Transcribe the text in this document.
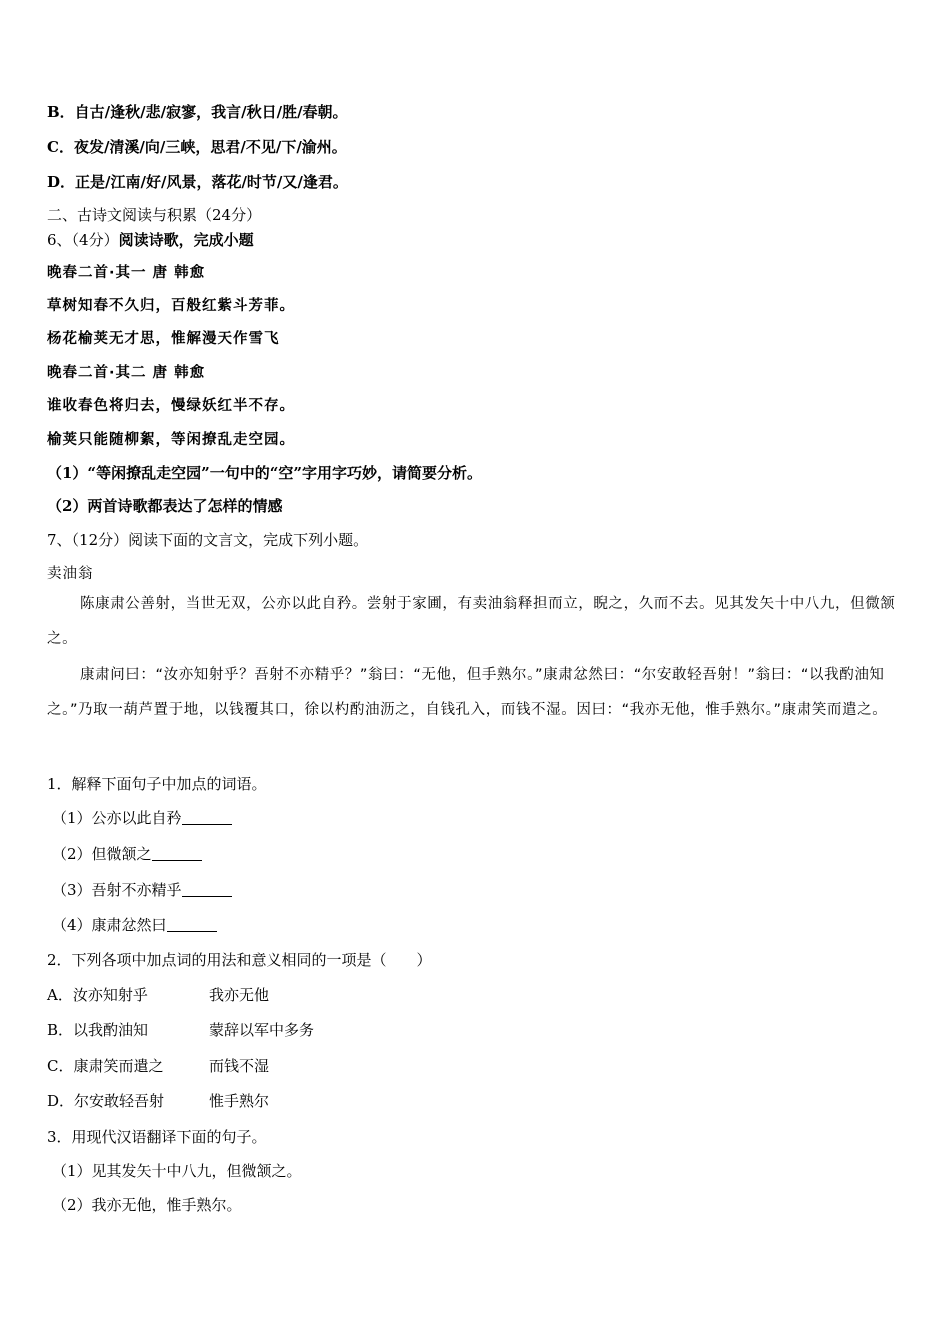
B．自古/逢秋/悲/寂寥，我言/秋日/胜/春朝。
C．夜发/清溪/向/三峡，思君/不见/下/渝州。
D．正是/江南/好/风景，落花/时节/又/逢君。
二、古诗文阅读与积累（24分）
6、（4分）阅读诗歌，完成小题
晚春二首·其一 唐 韩愈
草树知春不久归，百般红紫斗芳菲。
杨花榆荚无才思，惟解漫天作雪飞
晚春二首·其二 唐 韩愈
谁收春色将归去，慢绿妖红半不存。
榆荚只能随柳絮，等闲撩乱走空园。
（1）“等闲撩乱走空园”一句中的“空”字用字巧妙，请简要分析。
（2）两首诗歌都表达了怎样的情感
7、（12分）阅读下面的文言文，完成下列小题。
卖油翁
陈康肃公善射，当世无双，公亦以此自矜。尝射于家圃，有卖油翁释担而立，睨之，久而不去。见其发矢十中八九，但微颔之。
康肃问曰：“汝亦知射乎？吾射不亦精乎？”翁曰：“无他，但手熟尔。”康肃忿然曰：“尔安敢轻吾射！”翁曰：“以我酌油知之。”乃取一葫芦置于地，以钱覆其口，徐以杓酌油沥之，自钱孔入，而钱不湿。因曰：“我亦无他，惟手熟尔。”康肃笑而遣之。
1．解释下面句子中加点的词语。
（1）公亦以此自矜
（2）但微颔之
（3）吾射不亦精乎
（4）康肃忿然曰
2．下列各项中加点词的用法和意义相同的一项是（　　）
A．汝亦知射乎	我亦无他
B．以我酌油知	蒙辞以军中多务
C．康肃笑而遣之	而钱不湿
D．尔安敢轻吾射	惟手熟尔
3．用现代汉语翻译下面的句子。
（1）见其发矢十中八九，但微颔之。
（2）我亦无他，惟手熟尔。
